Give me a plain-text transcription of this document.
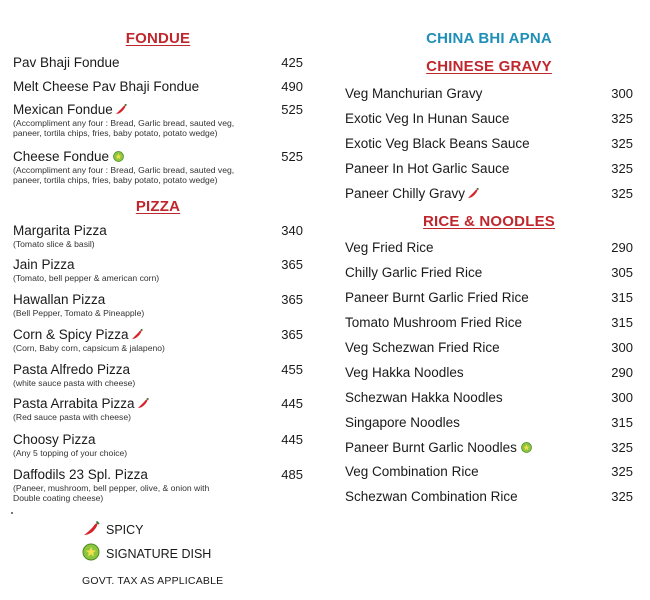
FONDUE
Pav Bhaji Fondue	425
Melt Cheese Pav Bhaji Fondue	490
Mexican Fondue	525
(Accompliment any four : Bread, Garlic bread, sauted veg,
paneer, tortila chips, fries, baby potato, potato wedge)
Cheese Fondue	525
(Accompliment any four : Bread, Garlic bread, sauted veg,
paneer, tortila chips, fries, baby potato, potato wedge)
PIZZA
Margarita Pizza	340
(Tomato slice & basil)
Jain Pizza	365
(Tomato, bell pepper & american corn)
Hawallan Pizza	365
(Bell Pepper, Tomato & Pineapple)
Corn & Spicy Pizza	365
(Corn, Baby corn, capsicum & jalapeno)
Pasta Alfredo Pizza	455
(white sauce pasta with cheese)
Pasta Arrabita Pizza	445
(Red sauce pasta with cheese)
Choosy Pizza	445
(Any 5 topping of your choice)
Daffodils 23 Spl. Pizza	485
(Paneer, mushroom, bell pepper, olive, & onion with
Double coating cheese)
SPICY
SIGNATURE DISH
GOVT. TAX AS APPLICABLE
CHINA BHI APNA
CHINESE GRAVY
Veg Manchurian Gravy	300
Exotic Veg In Hunan Sauce	325
Exotic Veg Black Beans Sauce	325
Paneer In Hot Garlic Sauce	325
Paneer Chilly Gravy	325
RICE & NOODLES
Veg Fried Rice	290
Chilly Garlic Fried Rice	305
Paneer Burnt Garlic Fried Rice	315
Tomato Mushroom Fried Rice	315
Veg Schezwan Fried Rice	300
Veg Hakka Noodles	290
Schezwan Hakka Noodles	300
Singapore Noodles	315
Paneer Burnt Garlic Noodles	325
Veg Combination Rice	325
Schezwan Combination Rice	325
